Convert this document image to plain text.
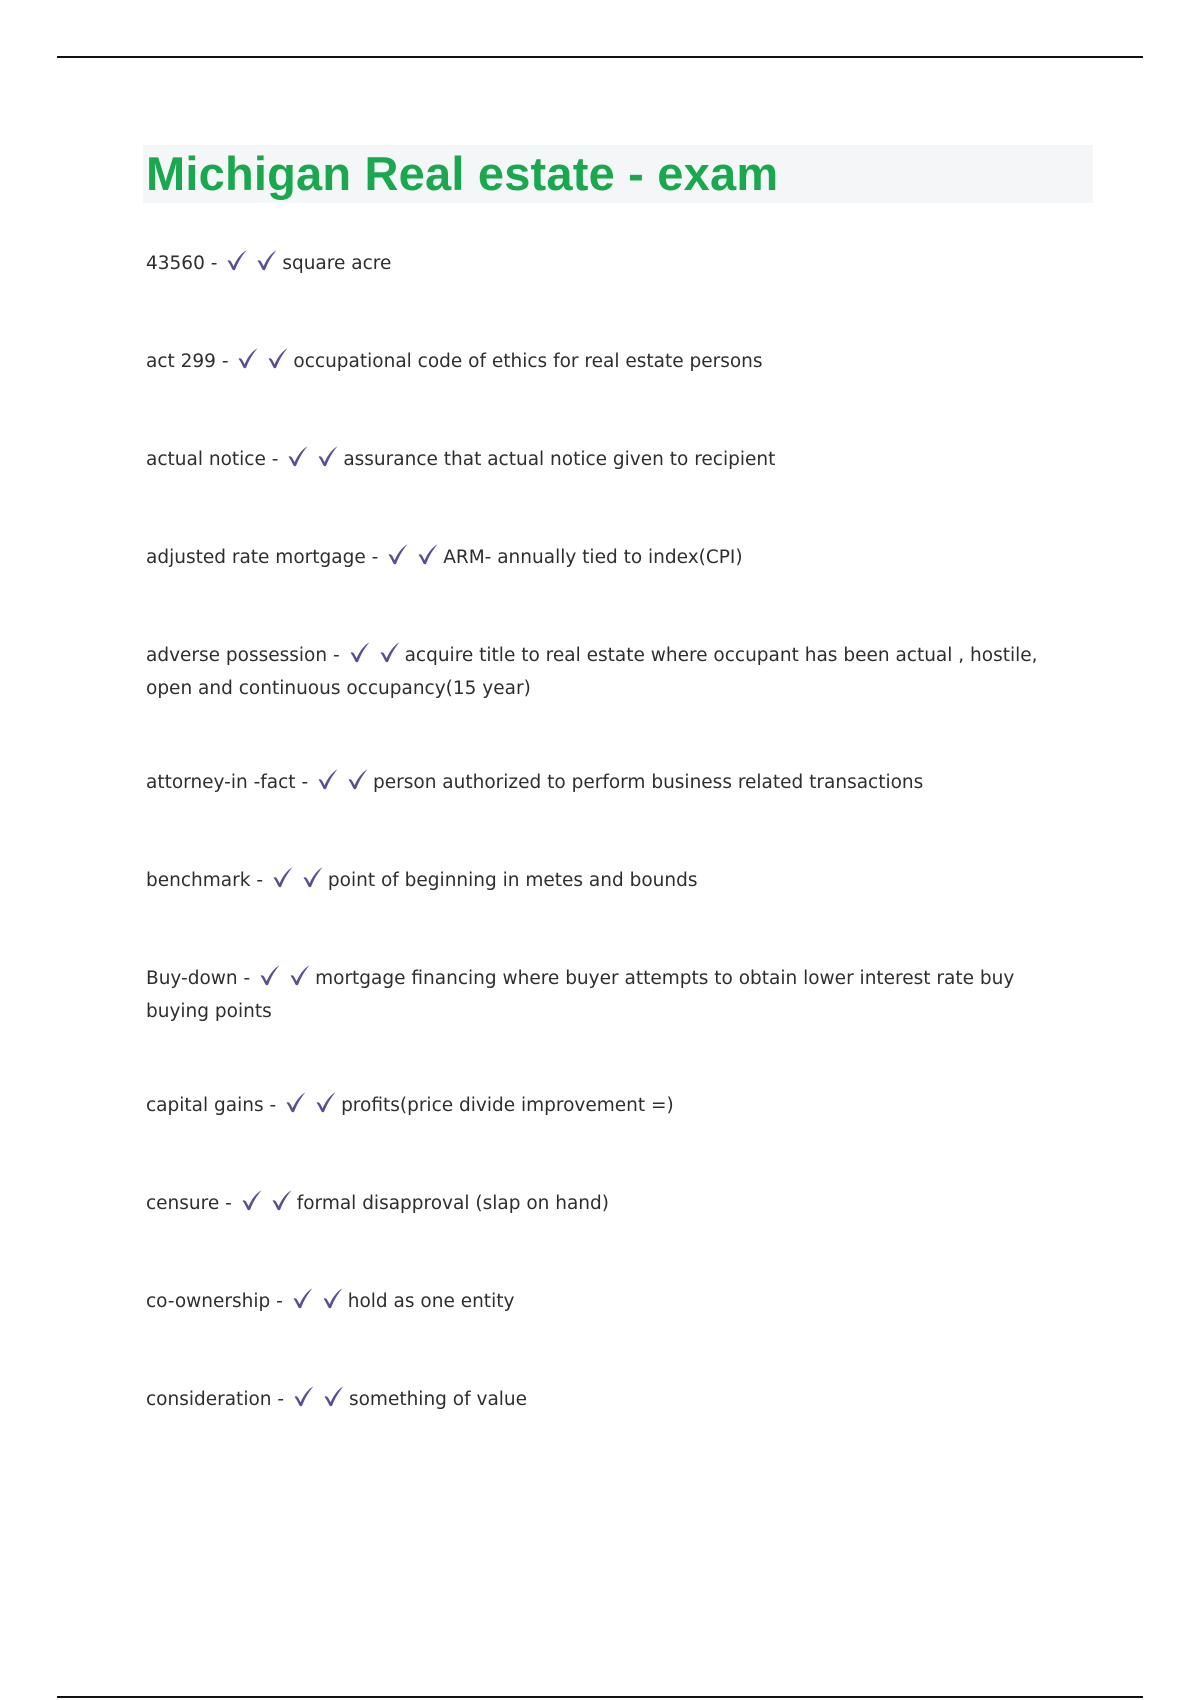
Michigan Real estate - exam
43560 -	square acre
act 299 -	occupational code of ethics for real estate persons
actual notice -	assurance that actual notice given to recipient
adjusted rate mortgage -	ARM- annually tied to index(CPI)
adverse possession -	acquire title to real estate where occupant has been actual , hostile, open and continuous occupancy(15 year)
attorney-in -fact -	person authorized to perform business related transactions
benchmark -	point of beginning in metes and bounds
Buy-down -	mortgage financing where buyer attempts to obtain lower interest rate buy buying points
capital gains -	profits(price divide improvement =)
censure -	formal disapproval (slap on hand)
co-ownership -	hold as one entity
consideration -	something of value
